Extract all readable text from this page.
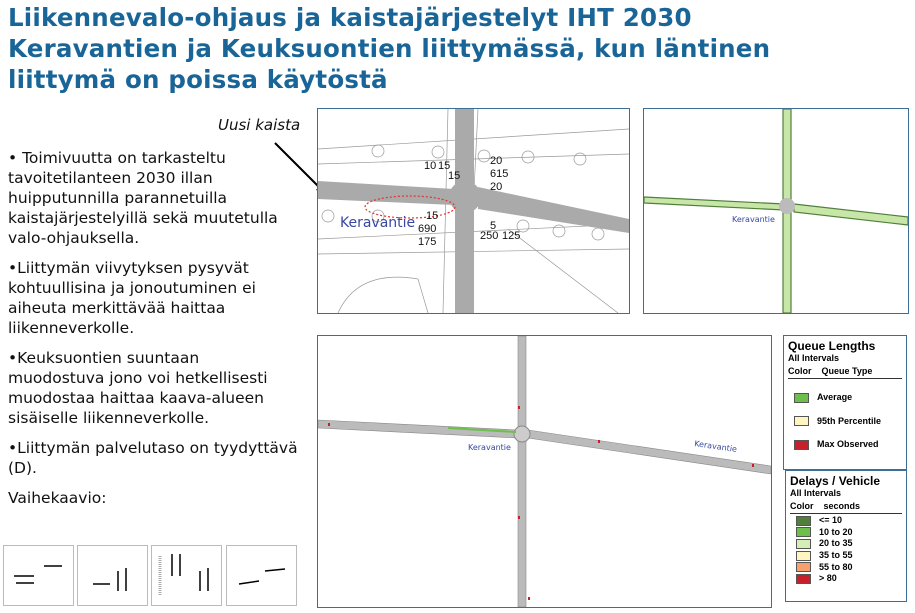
Liikennevalo-ohjaus ja kaistajärjestelyt IHT 2030
Keravantien ja Keuksuontien liittymässä, kun läntinen
liittymä on poissa käytöstä
Uusi kaista

• Toimivuutta on tarkasteltu tavoitetilanteen 2030 illan huipputunnilla parannetuilla kaistajärjestelyillä sekä muutetulla valo-ohjauksella.

•Liittymän viivytyksen pysyvät kohtuullisina ja jonoutuminen ei aiheuta merkittävää haittaa liikenneverkolle.

•Keuksuontien suuntaan muodostuva jono voi hetkellisesti muodostaa haittaa kaava-alueen sisäiselle liikenneverkolle.

•Liittymän palvelutaso on tyydyttävä (D).

Vaihekaavio:

10 15
15
20
615
20
15
690
175	250
5
125
Keravantie	Keravantie
Keravantie	Keravantie
Queue Lengths
All Intervals
Color Queue Type
Average
95th Percentile
Max Observed
Delays / Vehicle
All Intervals
Color seconds
<= 10
10 to 20
20 to 35
35 to 55
55 to 80
> 80
